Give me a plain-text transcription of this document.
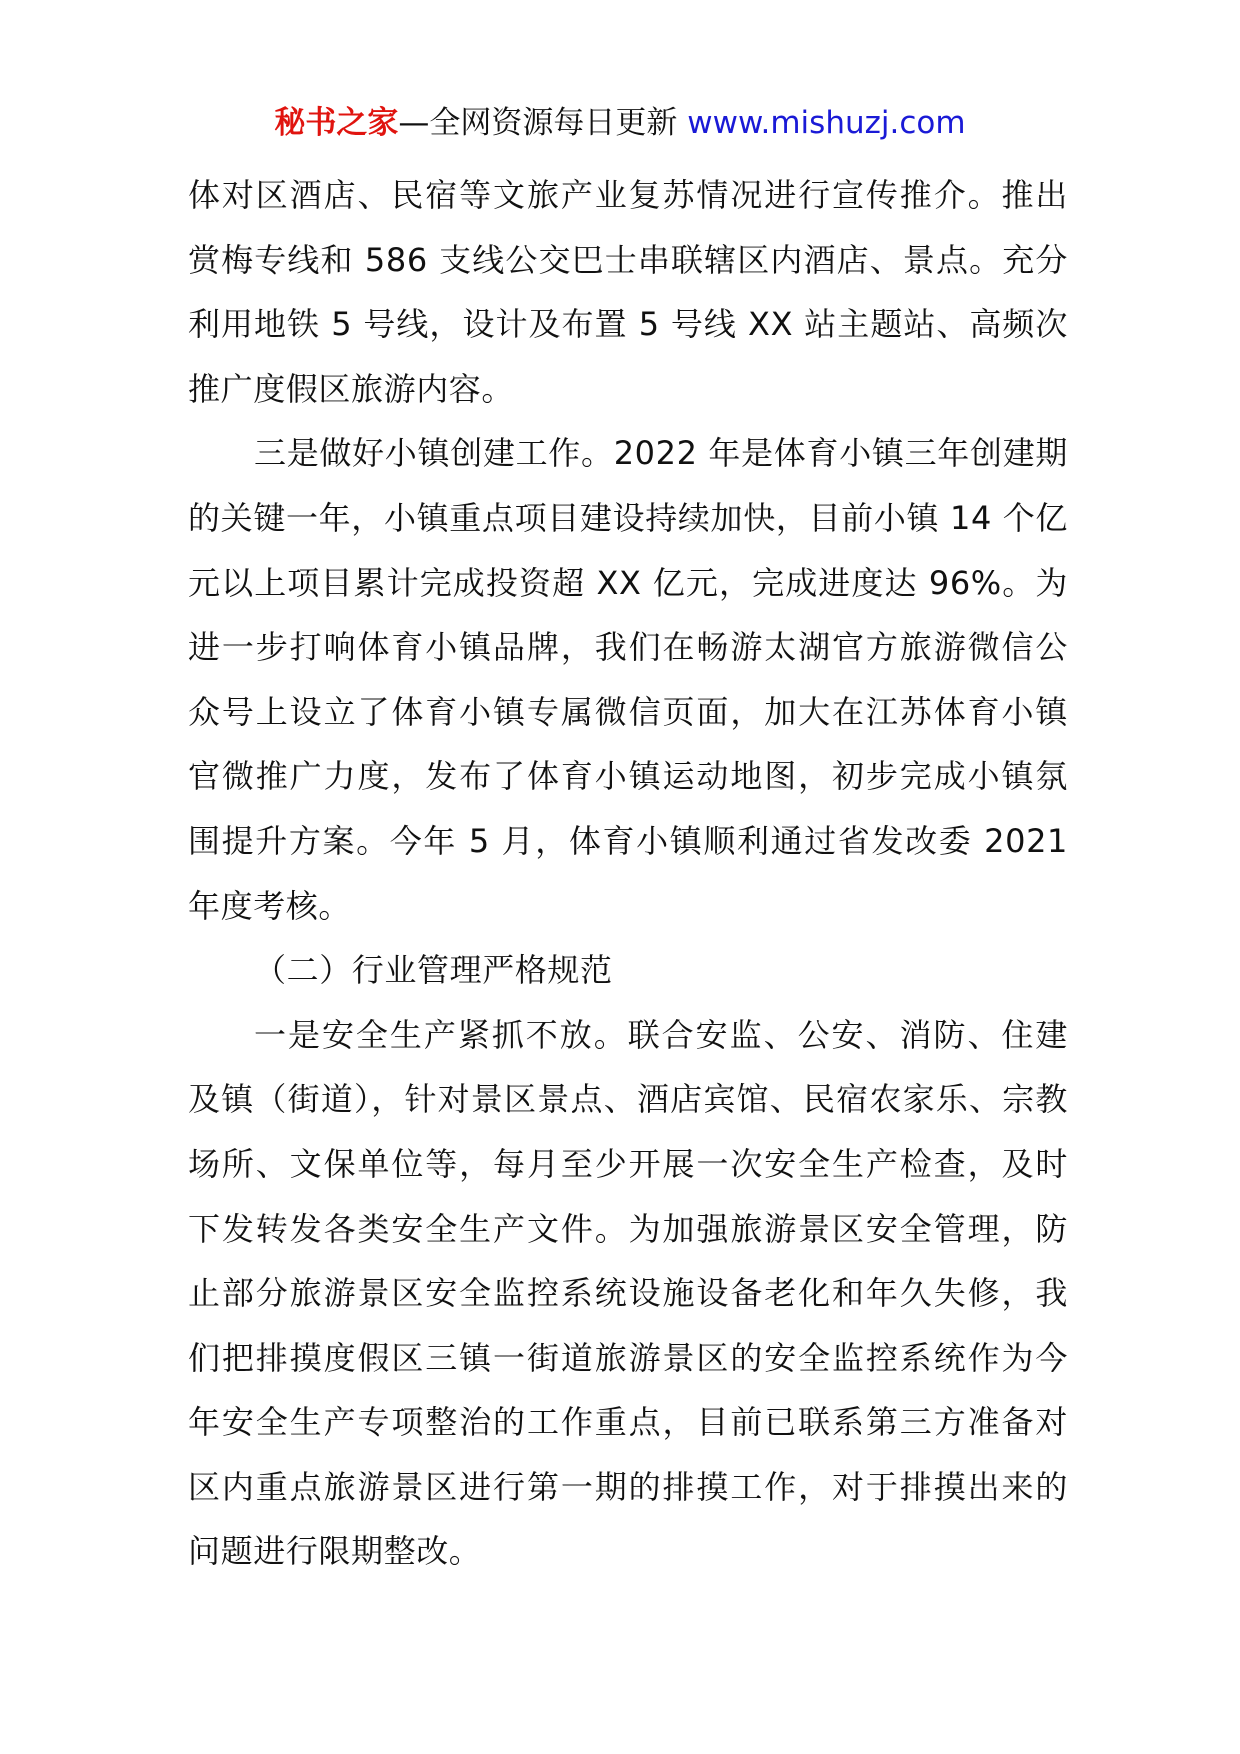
秘书之家—全网资源每日更新 www.mishuzj.com

体对区酒店、民宿等文旅产业复苏情况进行宣传推介。推出赏梅专线和 586 支线公交巴士串联辖区内酒店、景点。充分利用地铁 5 号线，设计及布置 5 号线 XX 站主题站、高频次推广度假区旅游内容。

三是做好小镇创建工作。2022 年是体育小镇三年创建期的关键一年，小镇重点项目建设持续加快，目前小镇 14 个亿元以上项目累计完成投资超 XX 亿元，完成进度达 96%。为进一步打响体育小镇品牌，我们在畅游太湖官方旅游微信公众号上设立了体育小镇专属微信页面，加大在江苏体育小镇官微推广力度，发布了体育小镇运动地图，初步完成小镇氛围提升方案。今年 5 月，体育小镇顺利通过省发改委 2021 年度考核。

（二）行业管理严格规范

一是安全生产紧抓不放。联合安监、公安、消防、住建及镇（街道），针对景区景点、酒店宾馆、民宿农家乐、宗教场所、文保单位等，每月至少开展一次安全生产检查，及时下发转发各类安全生产文件。为加强旅游景区安全管理，防止部分旅游景区安全监控系统设施设备老化和年久失修，我们把排摸度假区三镇一街道旅游景区的安全监控系统作为今年安全生产专项整治的工作重点，目前已联系第三方准备对区内重点旅游景区进行第一期的排摸工作，对于排摸出来的问题进行限期整改。
